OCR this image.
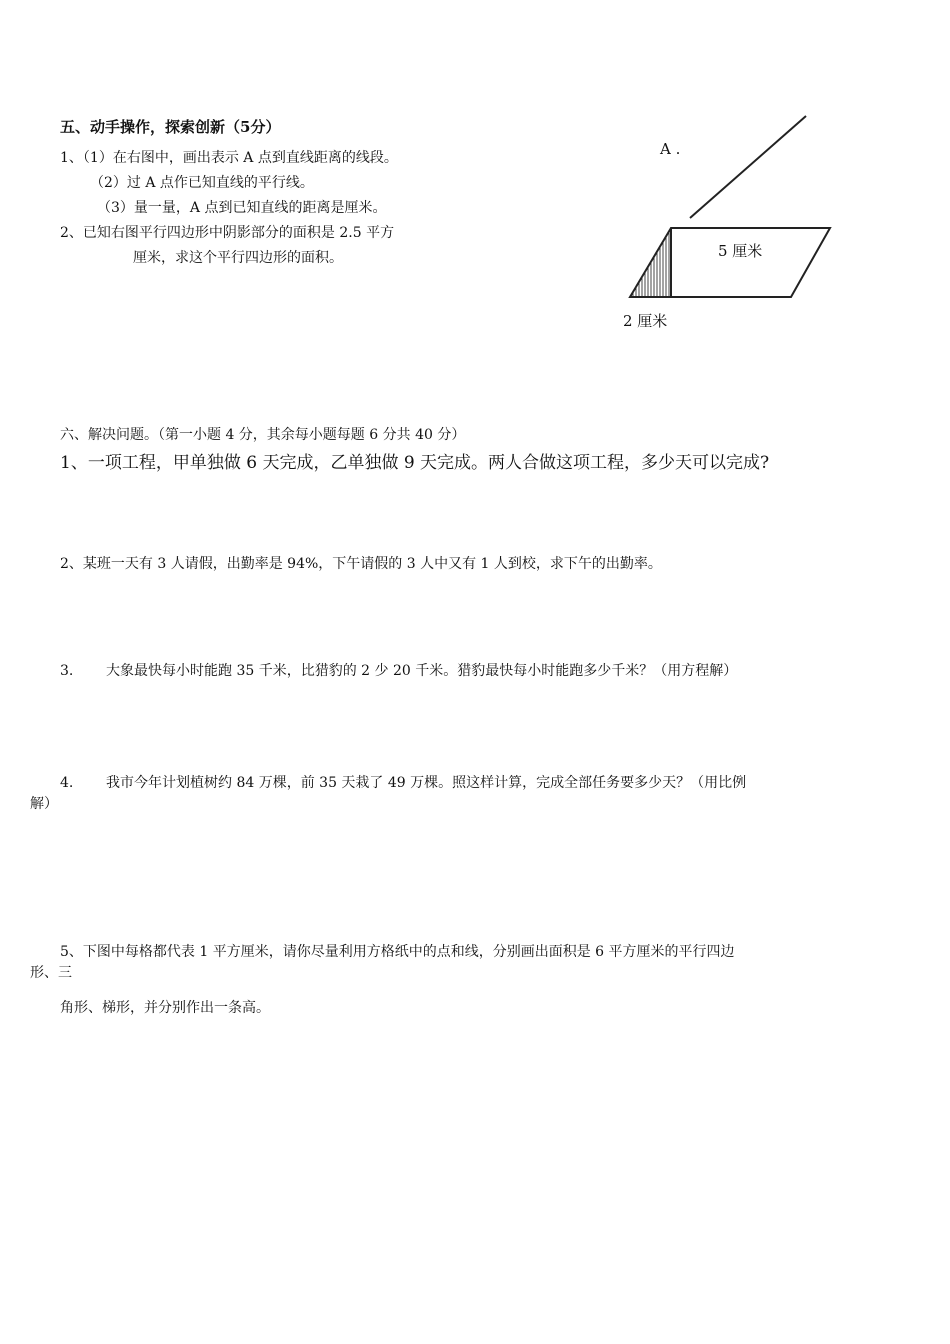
五、动手操作，探索创新（5分）
1、（1）在右图中，画出表示 A 点到直线距离的线段。
（2）过 A 点作已知直线的平行线。
（3）量一量，A 点到已知直线的距离是厘米。
2、已知右图平行四边形中阴影部分的面积是 2.5 平方
厘米，求这个平行四边形的面积。
A .
5 厘米
2 厘米
六、解决问题。（第一小题 4 分，其余每小题每题 6 分共 40 分）
1、一项工程，甲单独做 6 天完成，乙单独做 9 天完成。两人合做这项工程，多少天可以完成?
2、某班一天有 3 人请假，出勤率是 94%，下午请假的 3 人中又有 1 人到校，求下午的出勤率。
3. 大象最快每小时能跑 35 千米，比猎豹的 2 少 20 千米。猎豹最快每小时能跑多少千米？（用方程解）
4. 我市今年计划植树约 84 万棵，前 35 天栽了 49 万棵。照这样计算，完成全部任务要多少天？（用比例
解）
5、下图中每格都代表 1 平方厘米，请你尽量利用方格纸中的点和线，分别画出面积是 6 平方厘米的平行四边
形、三
角形、梯形，并分别作出一条高。
